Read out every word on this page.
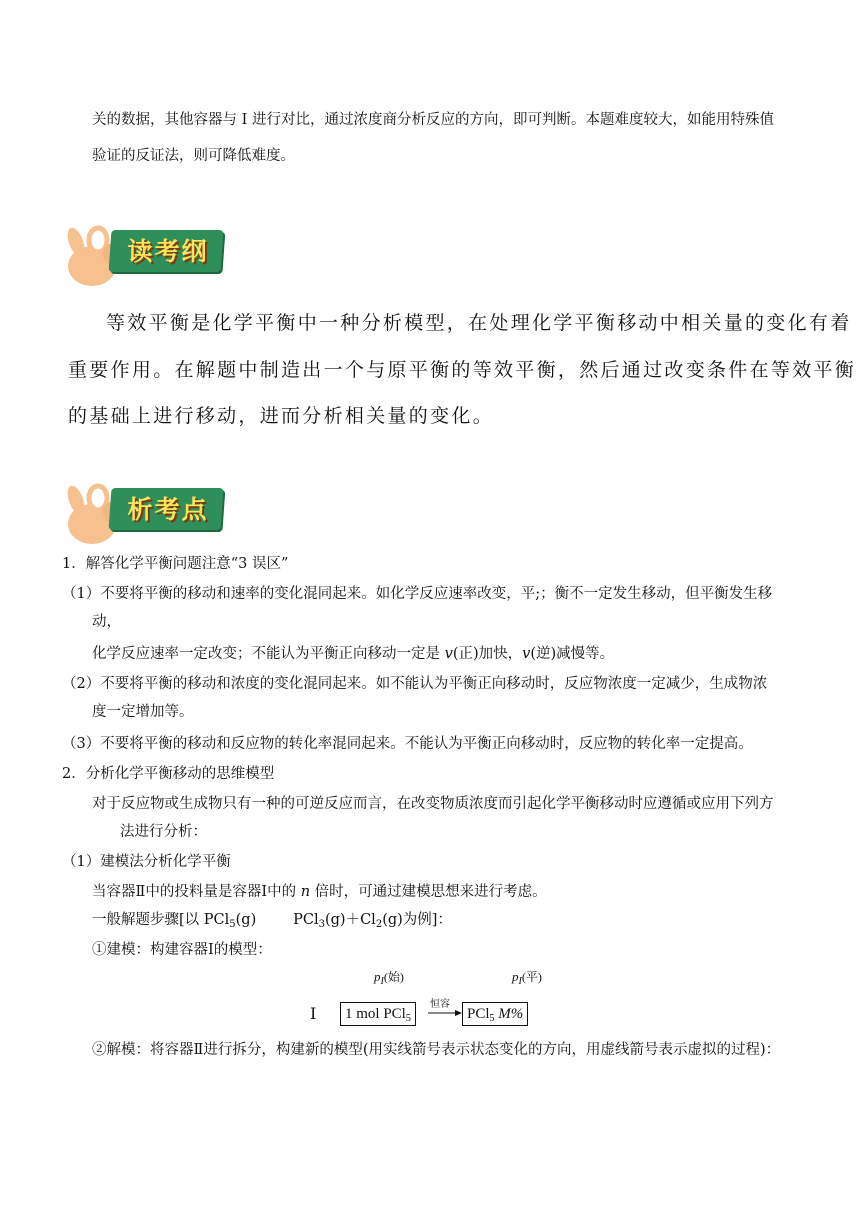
关的数据，其他容器与 I 进行对比，通过浓度商分析反应的方向，即可判断。本题难度较大，如能用特殊值
验证的反证法，则可降低难度。
读考纲
等效平衡是化学平衡中一种分析模型，在处理化学平衡移动中相关量的变化有着
重要作用。在解题中制造出一个与原平衡的等效平衡，然后通过改变条件在等效平衡
的基础上进行移动，进而分析相关量的变化。
析考点
1．解答化学平衡问题注意“3 误区”
（1）不要将平衡的移动和速率的变化混同起来。如化学反应速率改变，平;；衡不一定发生移动，但平衡发生移
动，
化学反应速率一定改变；不能认为平衡正向移动一定是 v(正)加快，v(逆)减慢等。
（2）不要将平衡的移动和浓度的变化混同起来。如不能认为平衡正向移动时，反应物浓度一定减少，生成物浓
度一定增加等。
（3）不要将平衡的移动和反应物的转化率混同起来。不能认为平衡正向移动时，反应物的转化率一定提高。
2．分析化学平衡移动的思维模型
对于反应物或生成物只有一种的可逆反应而言，在改变物质浓度而引起化学平衡移动时应遵循或应用下列方
法进行分析：
（1）建模法分析化学平衡
当容器Ⅱ中的投料量是容器Ⅰ中的 n 倍时，可通过建模思想来进行考虑。
一般解题步骤[以 PCl$_5$(g)        $PCl_3(g)+Cl_2(g)$为例]：
①建模：构建容器Ⅰ的模型：
$p_I$(始)	$p_I$(平)
Ⅰ	1 mol PCl$_5$
恒容
PCl$_5$ M%
②解模：将容器Ⅱ进行拆分，构建新的模型(用实线箭号表示状态变化的方向，用虚线箭号表示虚拟的过程)：
